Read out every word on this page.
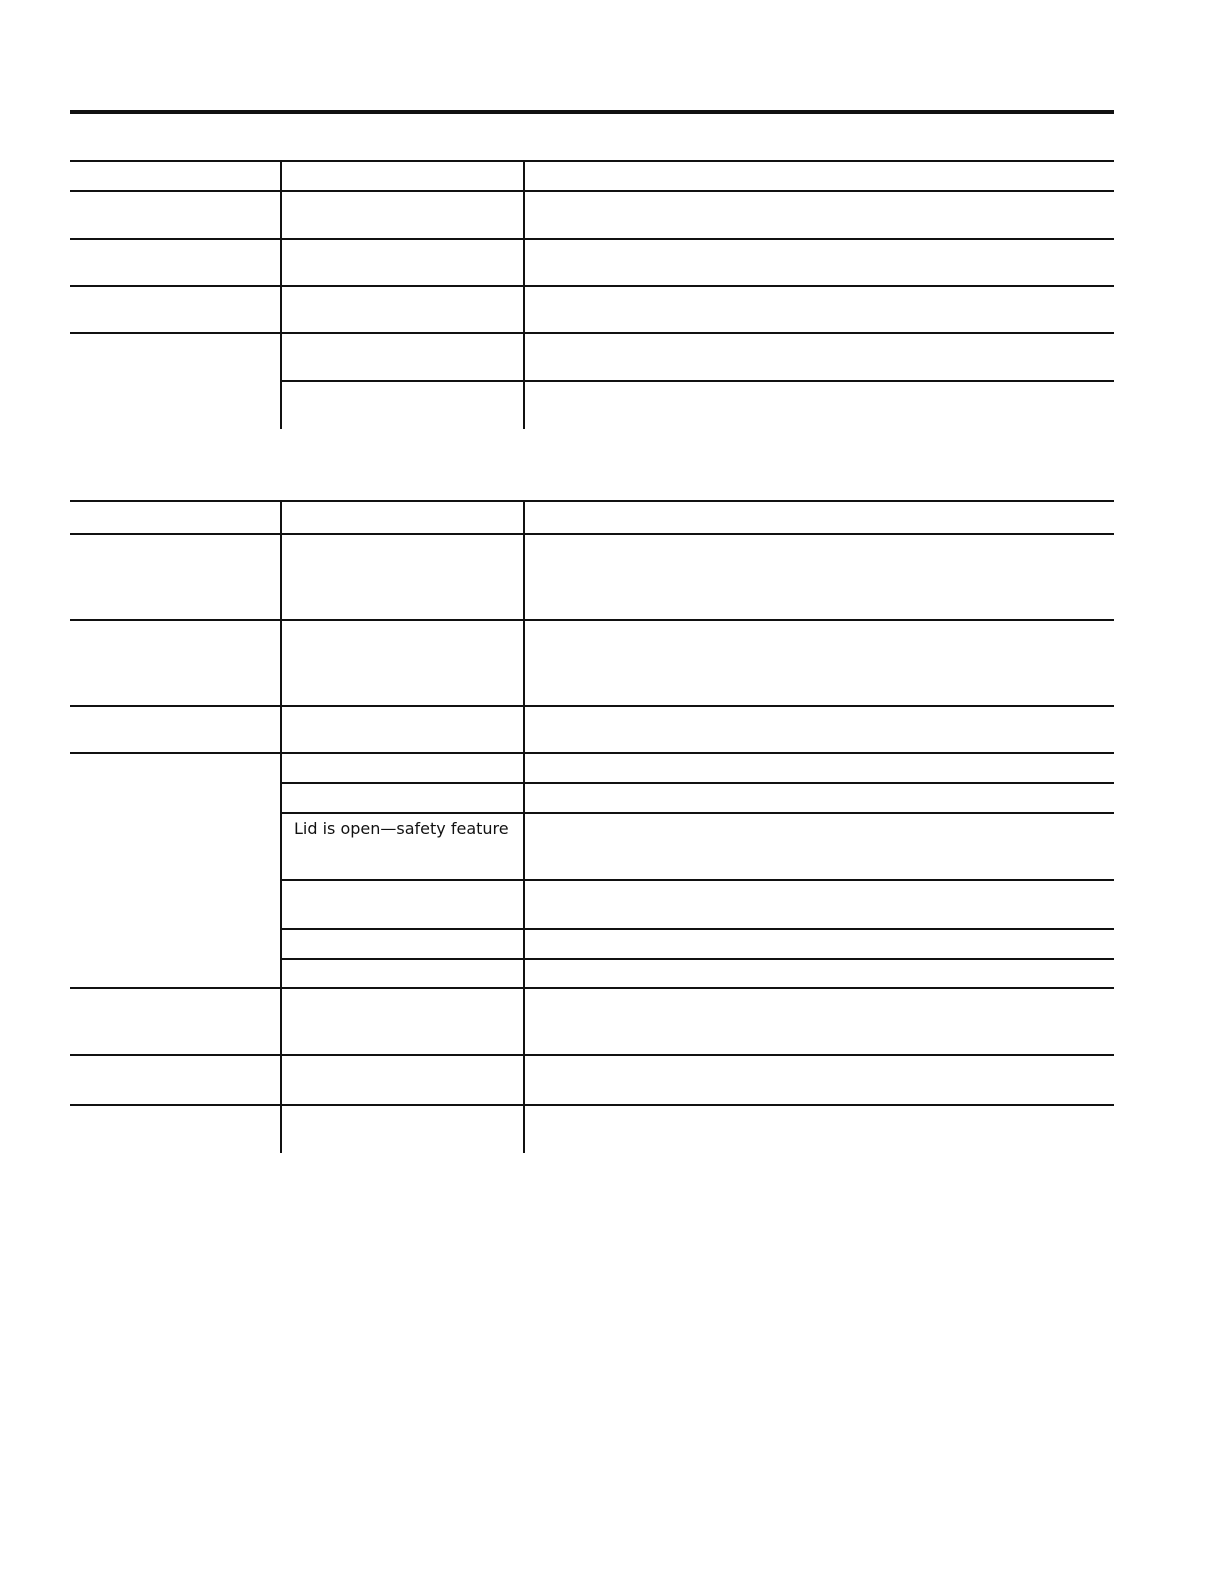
Lid is open—safety feature
